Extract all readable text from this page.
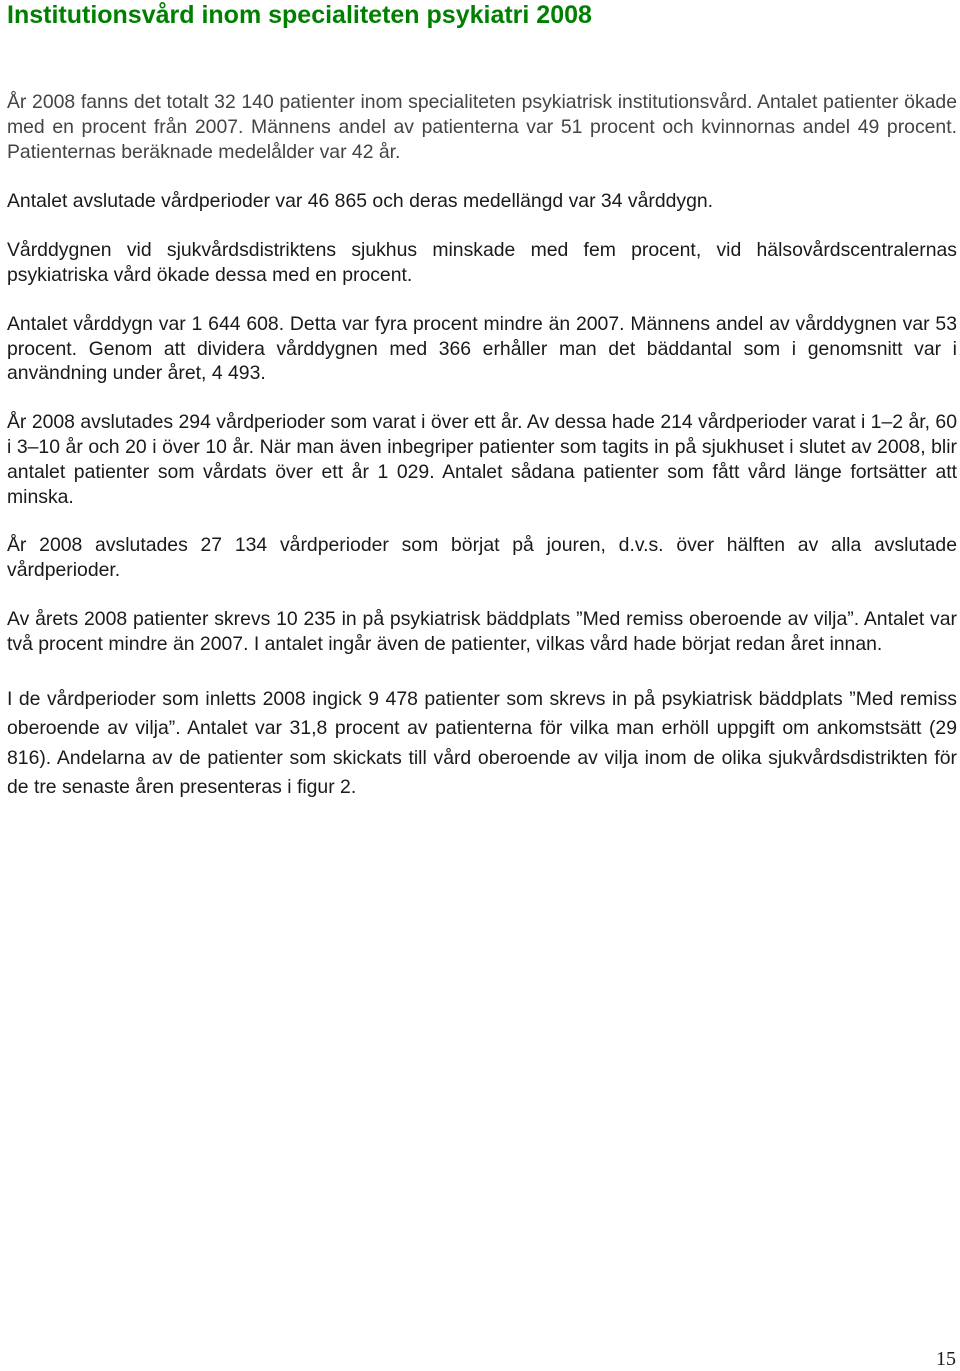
Institutionsvård inom specialiteten psykiatri 2008

År 2008 fanns det totalt 32 140 patienter inom specialiteten psykiatrisk institutionsvård. Antalet patienter ökade med en procent från 2007. Männens andel av patienterna var 51 procent och kvinnornas andel 49 procent. Patienternas beräknade medelålder var 42 år.

Antalet avslutade vårdperioder var 46 865 och deras medellängd var 34 vårddygn.

Vårddygnen vid sjukvårdsdistriktens sjukhus minskade med fem procent, vid hälsovårdscentralernas psykiatriska vård ökade dessa med en procent.

Antalet vårddygn var 1 644 608. Detta var fyra procent mindre än 2007. Männens andel av vårddygnen var 53 procent. Genom att dividera vårddygnen med 366 erhåller man det bäddantal som i genomsnitt var i användning under året, 4 493.

År 2008 avslutades 294 vårdperioder som varat i över ett år. Av dessa hade 214 vårdperioder varat i 1–2 år, 60 i 3–10 år och 20 i över 10 år. När man även inbegriper patienter som tagits in på sjukhuset i slutet av 2008, blir antalet patienter som vårdats över ett år 1 029. Antalet sådana patienter som fått vård länge fortsätter att minska.

År 2008 avslutades 27 134 vårdperioder som börjat på jouren, d.v.s. över hälften av alla avslutade vårdperioder.

Av årets 2008 patienter skrevs 10 235 in på psykiatrisk bäddplats ”Med remiss oberoende av vilja”. Antalet var två procent mindre än 2007. I antalet ingår även de patienter, vilkas vård hade börjat redan året innan.

I de vårdperioder som inletts 2008 ingick 9 478 patienter som skrevs in på psykiatrisk bäddplats ”Med remiss oberoende av vilja”. Antalet var 31,8 procent av patienterna för vilka man erhöll uppgift om ankomstsätt (29 816). Andelarna av de patienter som skickats till vård oberoende av vilja inom de olika sjukvårdsdistrikten för de tre senaste åren presenteras i figur 2.

15
